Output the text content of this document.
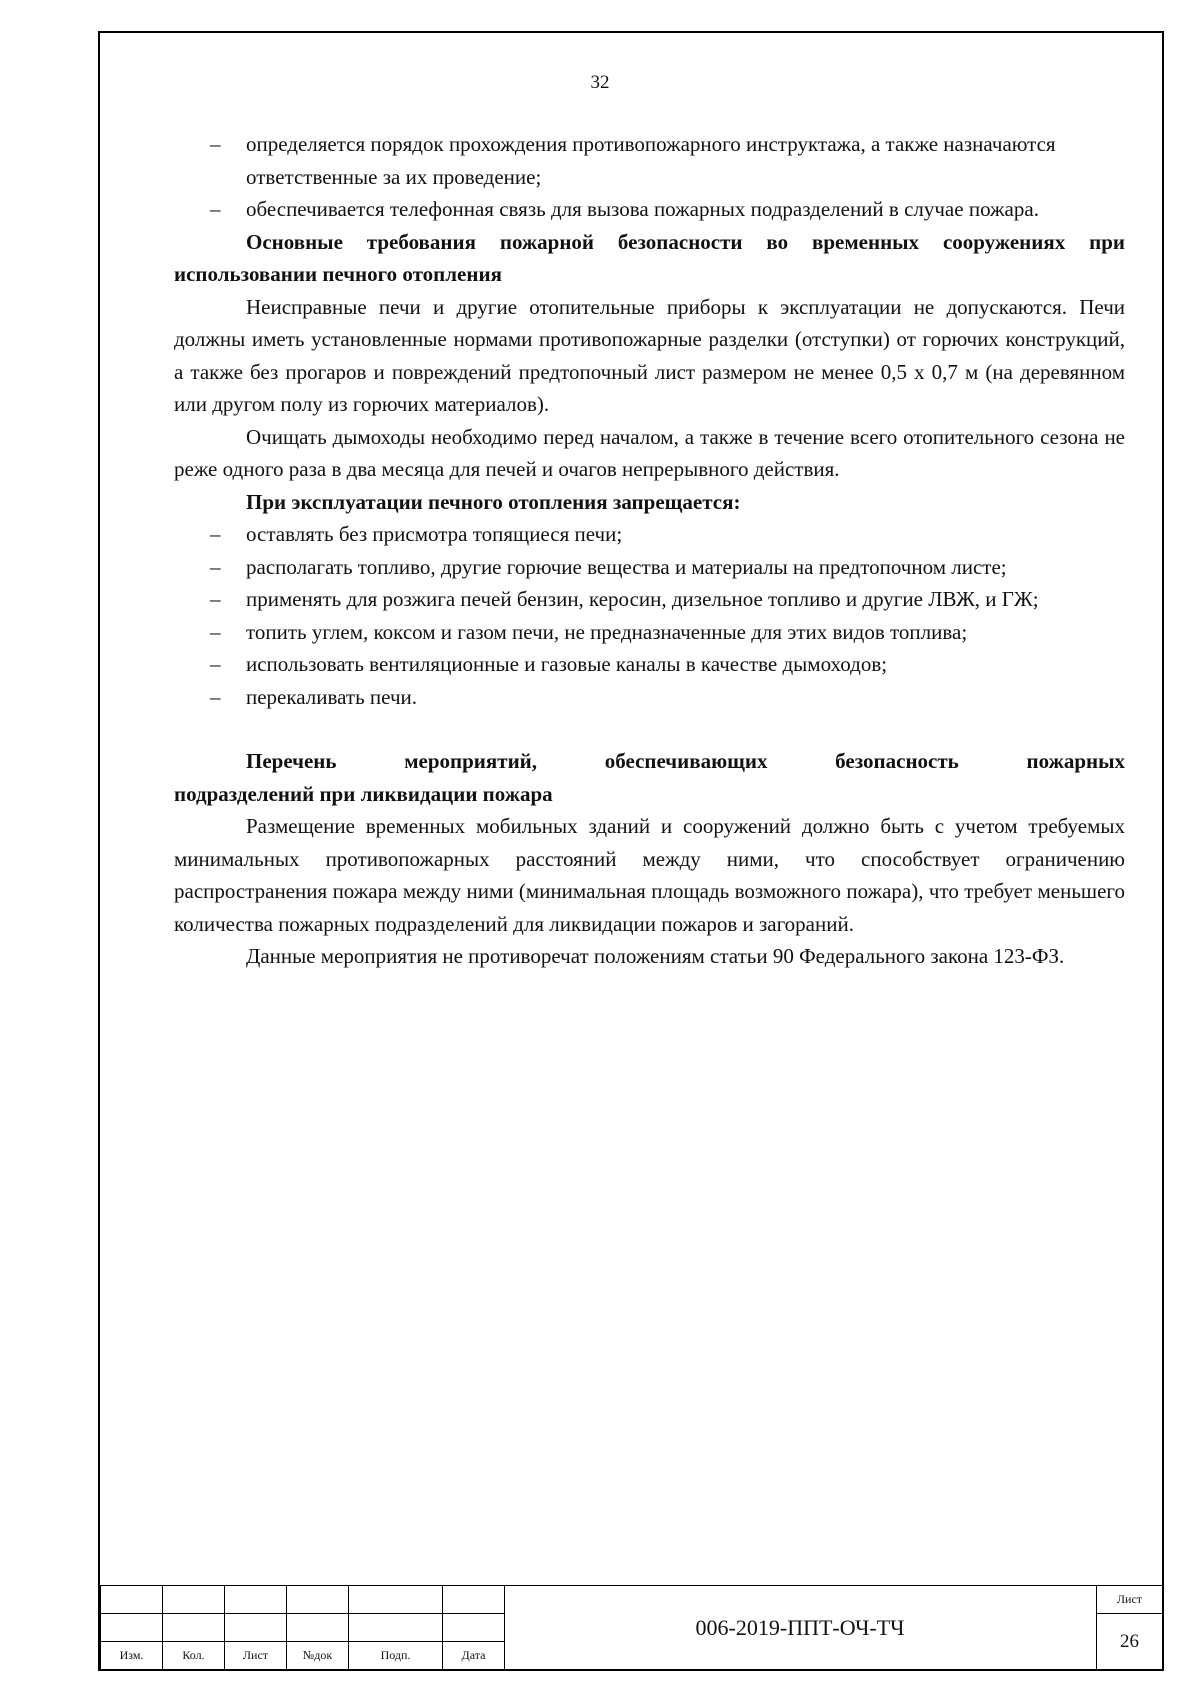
32
– определяется порядок прохождения противопожарного инструктажа, а также назначаются ответственные за их проведение;
– обеспечивается телефонная связь для вызова пожарных подразделений в случае пожара.

Основные требования пожарной безопасности во временных сооружениях при использовании печного отопления

Неисправные печи и другие отопительные приборы к эксплуатации не допускаются. Печи должны иметь установленные нормами противопожарные разделки (отступки) от горючих конструкций, а также без прогаров и повреждений предтопочный лист размером не менее 0,5 х 0,7 м (на деревянном или другом полу из горючих материалов).

Очищать дымоходы необходимо перед началом, а также в течение всего отопительного сезона не реже одного раза в два месяца для печей и очагов непрерывного действия.

При эксплуатации печного отопления запрещается:

– оставлять без присмотра топящиеся печи;
– располагать топливо, другие горючие вещества и материалы на предтопочном листе;
– применять для розжига печей бензин, керосин, дизельное топливо и другие ЛВЖ, и ГЖ;
– топить углем, коксом и газом печи, не предназначенные для этих видов топлива;
– использовать вентиляционные и газовые каналы в качестве дымоходов;
– перекаливать печи.

Перечень мероприятий, обеспечивающих безопасность пожарных

подразделений при ликвидации пожара

Размещение временных мобильных зданий и сооружений должно быть с учетом требуемых минимальных противопожарных расстояний между ними, что способствует ограничению распространения пожара между ними (минимальная площадь возможного пожара), что требует меньшего количества пожарных подразделений для ликвидации пожаров и загораний.

Данные мероприятия не противоречат положениям статьи 90 Федерального закона 123-ФЗ.

Изм.	Кол.	Лист	№док	Подп.	Дата
006-2019-ППТ-ОЧ-ТЧ
Лист
26
